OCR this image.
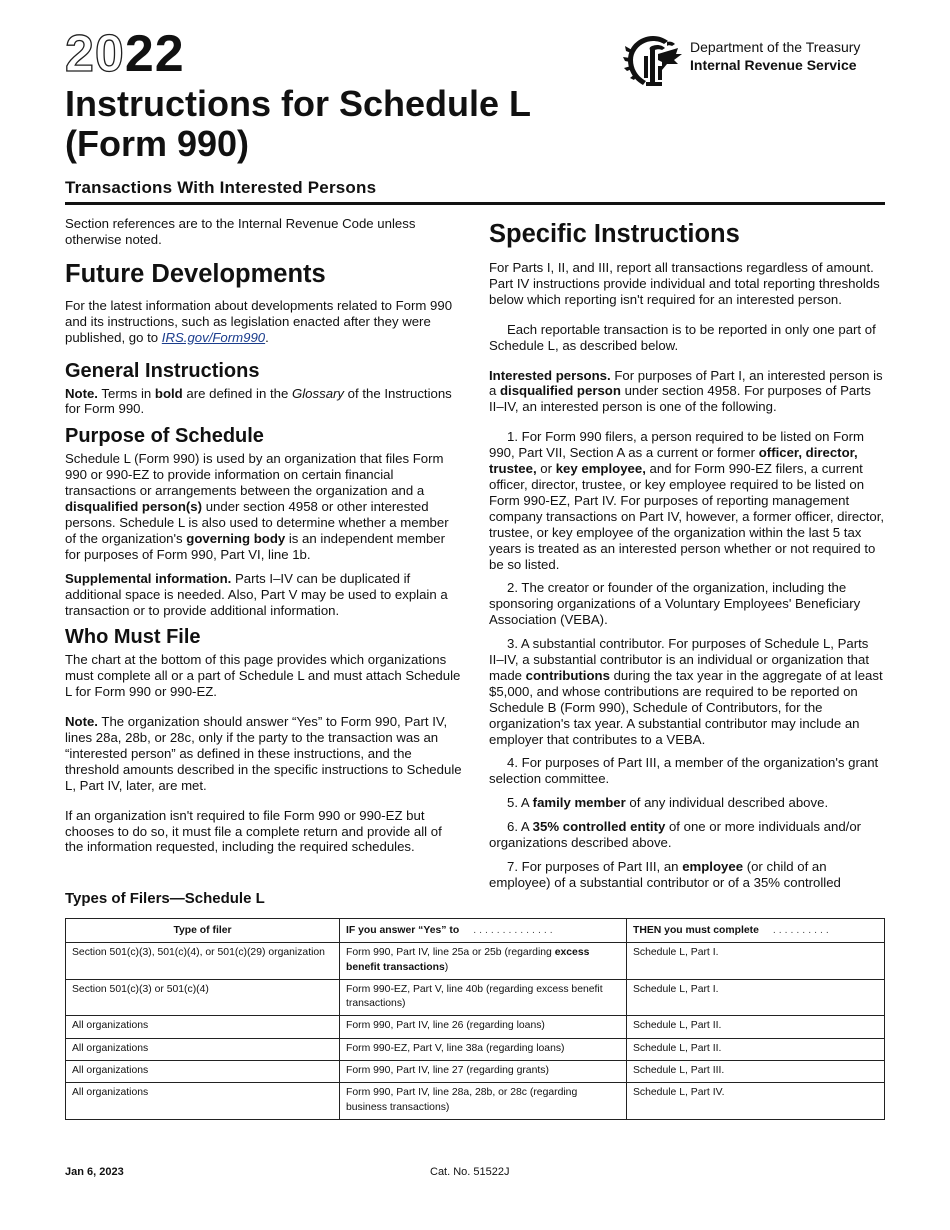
2022
Instructions for Schedule L
(Form 990)
Transactions With Interested Persons
Department of the Treasury
Internal Revenue Service

Section references are to the Internal Revenue Code unless otherwise noted.

Future Developments

For the latest information about developments related to Form 990 and its instructions, such as legislation enacted after they were published, go to IRS.gov/Form990.

General Instructions

Note. Terms in bold are defined in the Glossary of the Instructions for Form 990.

Purpose of Schedule

Schedule L (Form 990) is used by an organization that files Form 990 or 990-EZ to provide information on certain financial transactions or arrangements between the organization and a disqualified person(s) under section 4958 or other interested persons. Schedule L is also used to determine whether a member of the organization's governing body is an independent member for purposes of Form 990, Part VI, line 1b.

Supplemental information. Parts I–IV can be duplicated if additional space is needed. Also, Part V may be used to explain a transaction or to provide additional information.

Who Must File

The chart at the bottom of this page provides which organizations must complete all or a part of Schedule L and must attach Schedule L for Form 990 or 990-EZ.

Note. The organization should answer “Yes” to Form 990, Part IV, lines 28a, 28b, or 28c, only if the party to the transaction was an “interested person” as defined in these instructions, and the threshold amounts described in the specific instructions to Schedule L, Part IV, later, are met.

If an organization isn't required to file Form 990 or 990-EZ but chooses to do so, it must file a complete return and provide all of the information requested, including the required schedules.

Specific Instructions

For Parts I, II, and III, report all transactions regardless of amount. Part IV instructions provide individual and total reporting thresholds below which reporting isn't required for an interested person.

Each reportable transaction is to be reported in only one part of Schedule L, as described below.

Interested persons. For purposes of Part I, an interested person is a disqualified person under section 4958. For purposes of Parts II–IV, an interested person is one of the following.

1. For Form 990 filers, a person required to be listed on Form 990, Part VII, Section A as a current or former officer, director, trustee, or key employee, and for Form 990-EZ filers, a current officer, director, trustee, or key employee required to be listed on Form 990-EZ, Part IV. For purposes of reporting management company transactions on Part IV, however, a former officer, director, trustee, or key employee of the organization within the last 5 tax years is treated as an interested person whether or not required to be so listed.

2. The creator or founder of the organization, including the sponsoring organizations of a Voluntary Employees' Beneficiary Association (VEBA).

3. A substantial contributor. For purposes of Schedule L, Parts II–IV, a substantial contributor is an individual or organization that made contributions during the tax year in the aggregate of at least $5,000, and whose contributions are required to be reported on Schedule B (Form 990), Schedule of Contributors, for the organization's tax year. A substantial contributor may include an employer that contributes to a VEBA.

4. For purposes of Part III, a member of the organization's grant selection committee.

5. A family member of any individual described above.

6. A 35% controlled entity of one or more individuals and/or organizations described above.

7. For purposes of Part III, an employee (or child of an employee) of a substantial contributor or of a 35% controlled

Types of Filers—Schedule L
Type of filer	IF you answer “Yes” to ..............	THEN you must complete ..........
Section 501(c)(3), 501(c)(4), or 501(c)(29) organization	Form 990, Part IV, line 25a or 25b (regarding excess benefit transactions)	Schedule L, Part I.
Section 501(c)(3) or 501(c)(4)	Form 990-EZ, Part V, line 40b (regarding excess benefit transactions)	Schedule L, Part I.
All organizations	Form 990, Part IV, line 26 (regarding loans)	Schedule L, Part II.
All organizations	Form 990-EZ, Part V, line 38a (regarding loans)	Schedule L, Part II.
All organizations	Form 990, Part IV, line 27 (regarding grants)	Schedule L, Part III.
All organizations	Form 990, Part IV, line 28a, 28b, or 28c (regarding business transactions)	Schedule L, Part IV.
Jan 6, 2023	Cat. No. 51522J
